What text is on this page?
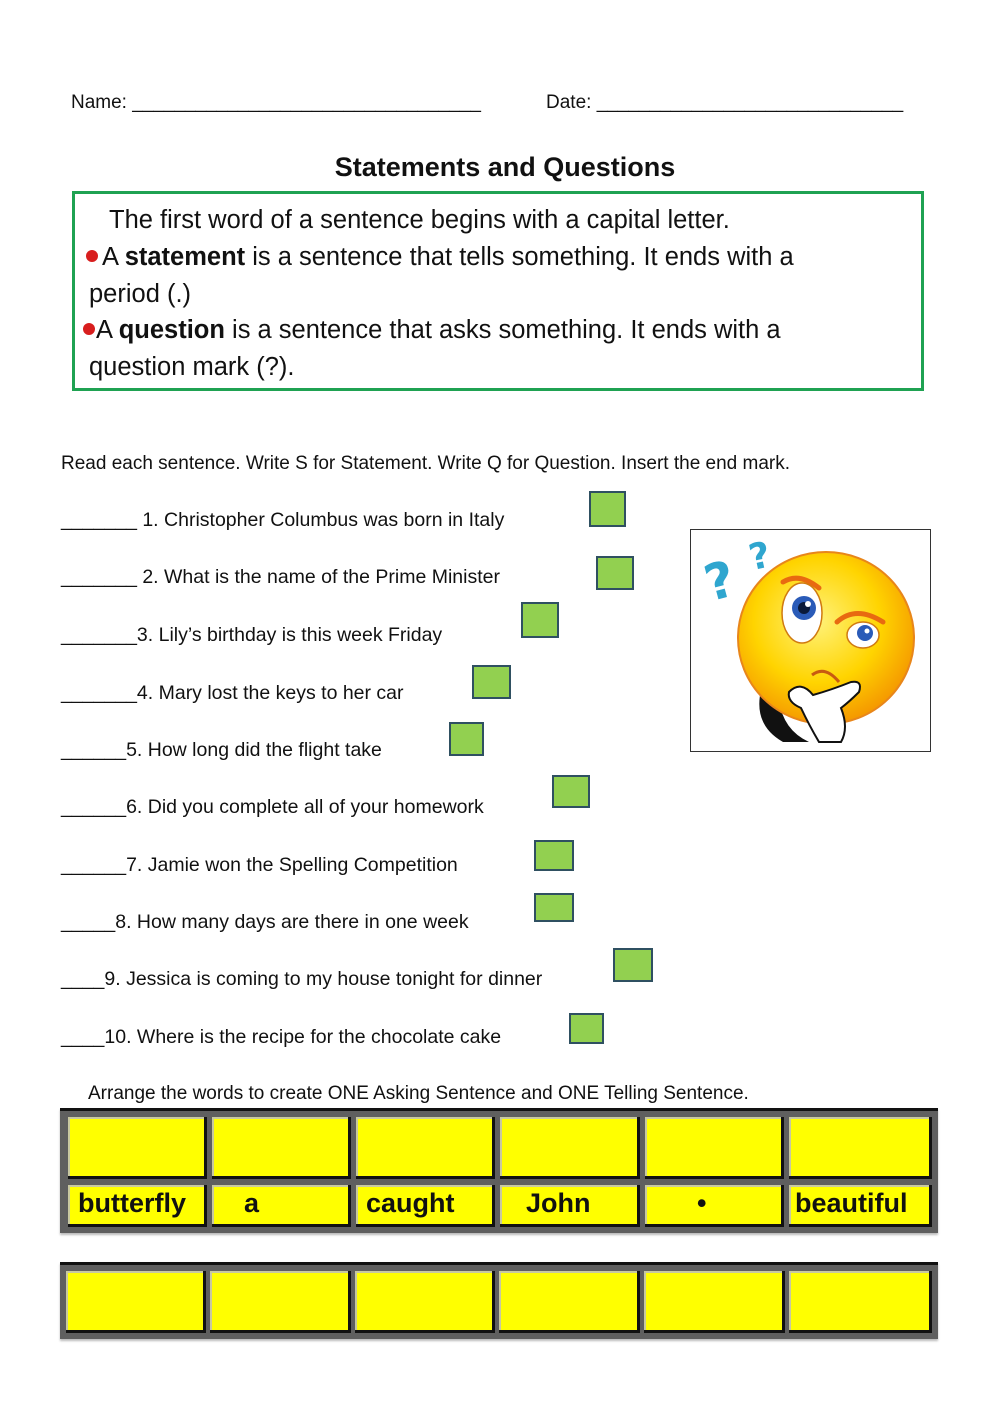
Name: _________________________________	Date: _____________________________
Statements and Questions
The first word of a sentence begins with a capital letter.
A statement is a sentence that tells something. It ends with a
period (.)
A question is a sentence that asks something. It ends with a
question mark (?).
Read each sentence. Write S for Statement. Write Q for Question. Insert the end mark.
_______ 1. Christopher Columbus was born in Italy
_______ 2. What is the name of the Prime Minister
_______3. Lily’s birthday is this week Friday
_______4. Mary lost the keys to her car
______5. How long did the flight take
______6. Did you complete all of your homework
______7. Jamie won the Spelling Competition
_____8. How many days are there in one week
____9. Jessica is coming to my house tonight for dinner
____10. Where is the recipe for the chocolate cake
? ?
Arrange the words to create ONE Asking Sentence and ONE Telling Sentence.
butterfly	a	caught	John	•	beautiful
